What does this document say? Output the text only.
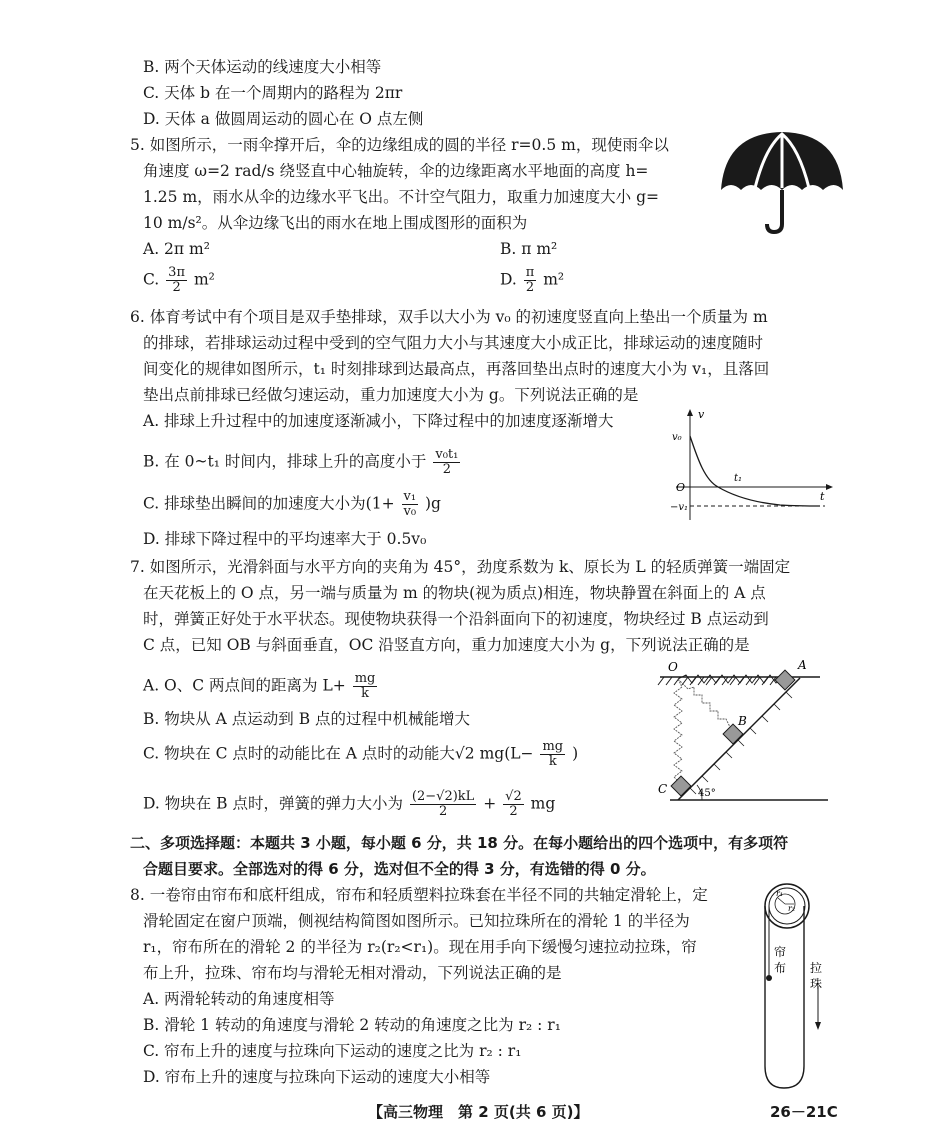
B. 两个天体运动的线速度大小相等
C. 天体 b 在一个周期内的路程为 2πr
D. 天体 a 做圆周运动的圆心在 O 点左侧
5. 如图所示，一雨伞撑开后，伞的边缘组成的圆的半径 r=0.5 m，现使雨伞以
角速度 ω=2 rad/s 绕竖直中心轴旋转，伞的边缘距离水平地面的高度 h=
1.25 m，雨水从伞的边缘水平飞出。不计空气阻力，取重力加速度大小 g=
10 m/s²。从伞边缘飞出的雨水在地上围成图形的面积为
A. 2π m²	B. π m²
C. $\frac{3\pi}{2} m^2$	D. $\frac{\pi}{2} m^2$
6. 体育考试中有个项目是双手垫排球，双手以大小为 v₀ 的初速度竖直向上垫出一个质量为 m
的排球，若排球运动过程中受到的空气阻力大小与其速度大小成正比，排球运动的速度随时
间变化的规律如图所示，t₁ 时刻排球到达最高点，再落回垫出点时的速度大小为 v₁，且落回
垫出点前排球已经做匀速运动，重力加速度大小为 g。下列说法正确的是
A. 排球上升过程中的加速度逐渐减小，下降过程中的加速度逐渐增大
B. 在 0~t₁ 时间内，排球上升的高度小于 $\frac{\text{v₀t₁}}{2}$
C. 排球垫出瞬间的加速度大小为$(1+ \frac{\text{v₁}}{\text{v₀}} )g$
D. 排球下降过程中的平均速率大于 0.5v₀
v
v₀
t₁
O
t
−v₁
7. 如图所示，光滑斜面与水平方向的夹角为 45°，劲度系数为 k、原长为 L 的轻质弹簧一端固定
在天花板上的 O 点，另一端与质量为 m 的物块(视为质点)相连，物块静置在斜面上的 A 点
时，弹簧正好处于水平状态。现使物块获得一个沿斜面向下的初速度，物块经过 B 点运动到
C 点，已知 OB 与斜面垂直，OC 沿竖直方向，重力加速度大小为 g，下列说法正确的是
A. O、C 两点间的距离为 $L+ \frac{mg}{k}$
B. 物块从 A 点运动到 B 点的过程中机械能增大
C. 物块在 C 点时的动能比在 A 点时的动能大√2 $mg(L- \frac{mg}{k}$ )
D. 物块在 B 点时，弹簧的弹力大小为 $\frac{(2-√2)kL}{2} + \frac{√2}{2}$ mg
O	A
B
C	45°
二、多项选择题：本题共 3 小题，每小题 6 分，共 18 分。在每小题给出的四个选项中，有多项符
合题目要求。全部选对的得 6 分，选对但不全的得 3 分，有选错的得 0 分。
8. 一卷帘由帘布和底杆组成，帘布和轻质塑料拉珠套在半径不同的共轴定滑轮上，定
滑轮固定在窗户顶端，侧视结构简图如图所示。已知拉珠所在的滑轮 1 的半径为
r₁，帘布所在的滑轮 2 的半径为 r₂(r₂<r₁)。现在用手向下缓慢匀速拉动拉珠，帘
布上升，拉珠、帘布均与滑轮无相对滑动，下列说法正确的是
A. 两滑轮转动的角速度相等
B. 滑轮 1 转动的角速度与滑轮 2 转动的角速度之比为 r₂ : r₁
C. 帘布上升的速度与拉珠向下运动的速度之比为 r₂ : r₁
D. 帘布上升的速度与拉珠向下运动的速度大小相等
r₁
r₂
帘
布 拉
珠
【高三物理　第 2 页(共 6 页)】	26－21C
